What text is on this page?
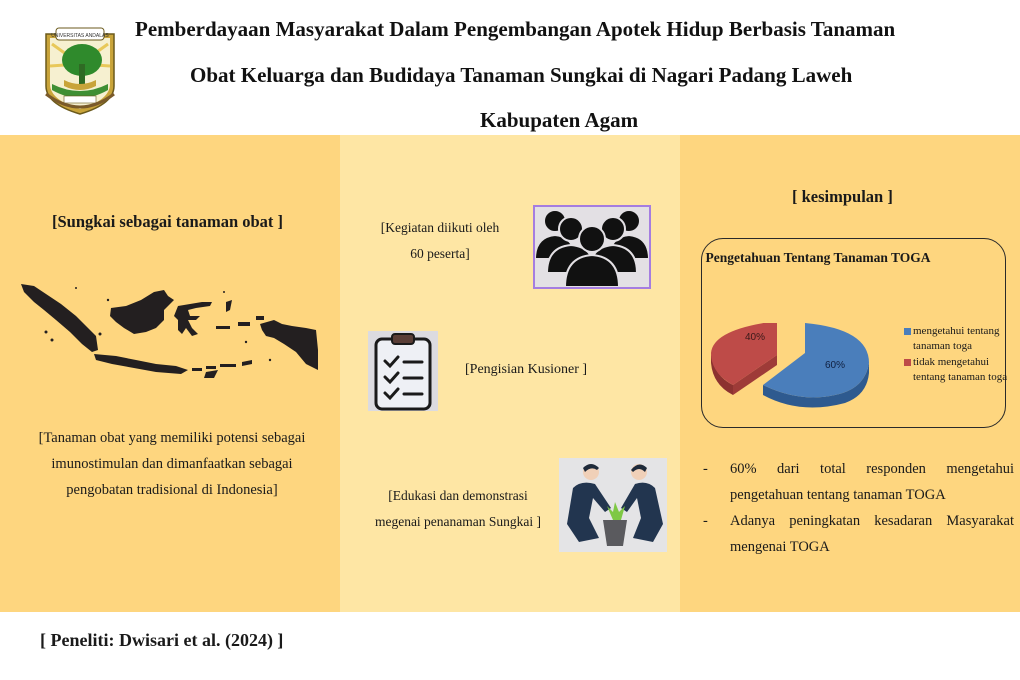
UNIVERSITAS ANDALAS Pemberdayaan Masyarakat Dalam Pengembangan Apotek Hidup Berbasis Tanaman
Obat Keluarga dan Budidaya Tanaman Sungkai di Nagari Padang Laweh
Kabupaten Agam
[Sungkai sebagai tanaman obat ]
[Tanaman obat yang memiliki potensi sebagai
imunostimulan dan dimanfaatkan sebagai
pengobatan tradisional di Indonesia]
[Kegiatan diikuti oleh
60 peserta]
[Pengisian Kusioner ]
[Edukasi dan demonstrasi
megenai penanaman Sungkai ]
[ kesimpulan ]
Pengetahuan Tentang Tanaman TOGA
40%
60%
mengetahui tentang tanaman toga
tidak mengetahui tentang tanaman toga
- 60% dari total responden mengetahui pengetahuan tentang tanaman TOGA
- Adanya peningkatan kesadaran Masyarakat mengenai TOGA
[ Peneliti: Dwisari et al. (2024) ]
